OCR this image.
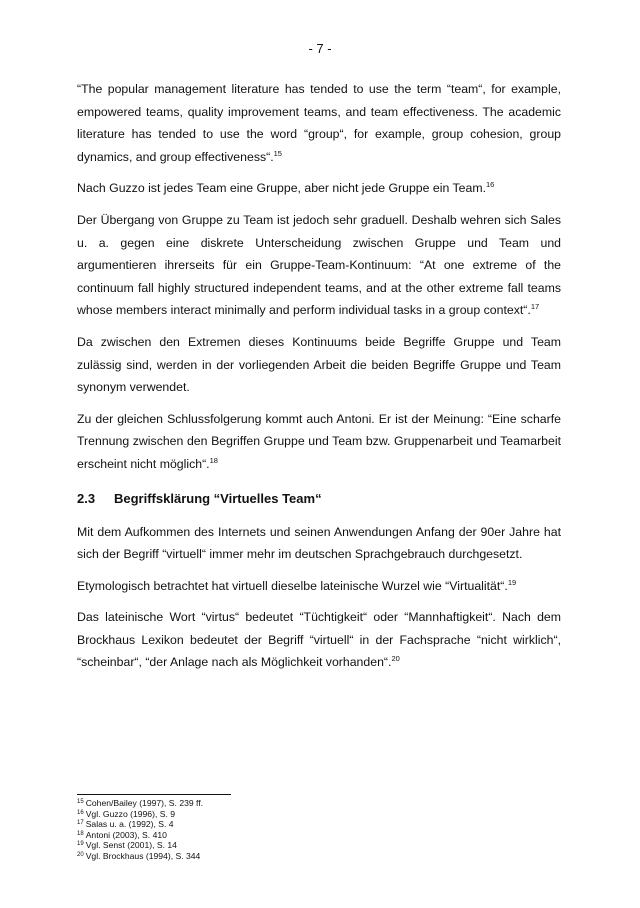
- 7 -

“The popular management literature has tended to use the term “team“, for example, empowered teams, quality improvement teams, and team effectiveness. The academic literature has tended to use the word “group“, for example, group cohesion, group dynamics, and group effectiveness“.$^{15}$

Nach Guzzo ist jedes Team eine Gruppe, aber nicht jede Gruppe ein Team.$^{16}$

Der Übergang von Gruppe zu Team ist jedoch sehr graduell. Deshalb wehren sich Sales u. a. gegen eine diskrete Unterscheidung zwischen Gruppe und Team und argumentieren ihrerseits für ein Gruppe-Team-Kontinuum: “At one extreme of the continuum fall highly structured independent teams, and at the other extreme fall teams whose members interact minimally and perform individual tasks in a group context“.$^{17}$

Da zwischen den Extremen dieses Kontinuums beide Begriffe Gruppe und Team zulässig sind, werden in der vorliegenden Arbeit die beiden Begriffe Gruppe und Team synonym verwendet.

Zu der gleichen Schlussfolgerung kommt auch Antoni. Er ist der Meinung: “Eine scharfe Trennung zwischen den Begriffen Gruppe und Team bzw. Gruppenarbeit und Teamarbeit erscheint nicht möglich“.$^{18}$

2.3 Begriffsklärung “Virtuelles Team“

Mit dem Aufkommen des Internets und seinen Anwendungen Anfang der 90er Jahre hat sich der Begriff “virtuell“ immer mehr im deutschen Sprachgebrauch durchgesetzt.

Etymologisch betrachtet hat virtuell dieselbe lateinische Wurzel wie “Virtualität“.$^{19}$

Das lateinische Wort “virtus“ bedeutet “Tüchtigkeit“ oder “Mannhaftigkeit“. Nach dem Brockhaus Lexikon bedeutet der Begriff “virtuell“ in der Fachsprache “nicht wirklich“, “scheinbar“, “der Anlage nach als Möglichkeit vorhanden“.$^{20}$

$^{15}$ Cohen/Bailey (1997), S. 239 ff.
$^{16}$ Vgl. Guzzo (1996), S. 9
$^{17}$ Salas u. a. (1992), S. 4
$^{18}$ Antoni (2003), S. 410
$^{19}$ Vgl. Senst (2001), S. 14
$^{20}$ Vgl. Brockhaus (1994), S. 344
